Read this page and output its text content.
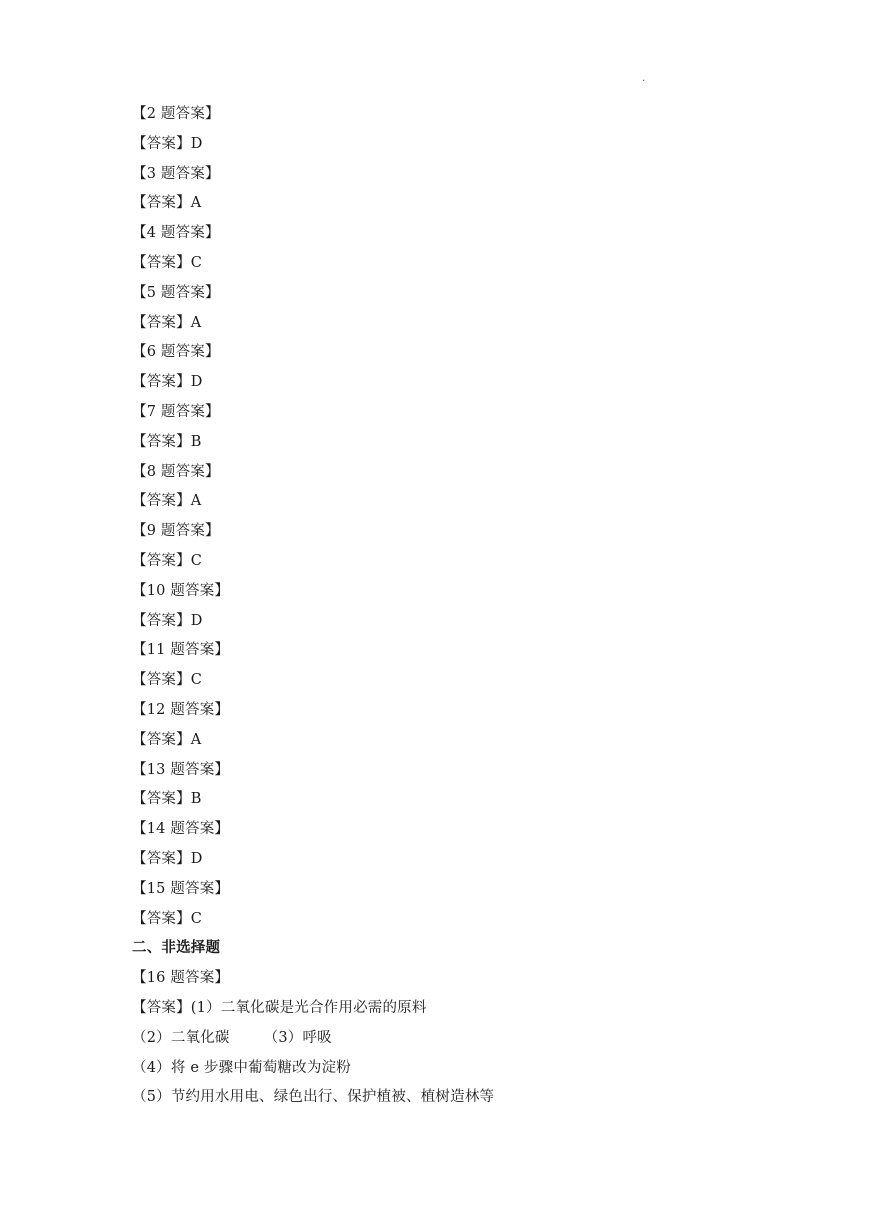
.
【2 题答案】
【答案】D
【3 题答案】
【答案】A
【4 题答案】
【答案】C
【5 题答案】
【答案】A
【6 题答案】
【答案】D
【7 题答案】
【答案】B
【8 题答案】
【答案】A
【9 题答案】
【答案】C
【10 题答案】
【答案】D
【11 题答案】
【答案】C
【12 题答案】
【答案】A
【13 题答案】
【答案】B
【14 题答案】
【答案】D
【15 题答案】
【答案】C
二、非选择题
【16 题答案】
【答案】(1）二氧化碳是光合作用必需的原料
（2）二氧化碳 （3）呼吸
（4）将 e 步骤中葡萄糖改为淀粉
（5）节约用水用电、绿色出行、保护植被、植树造林等
